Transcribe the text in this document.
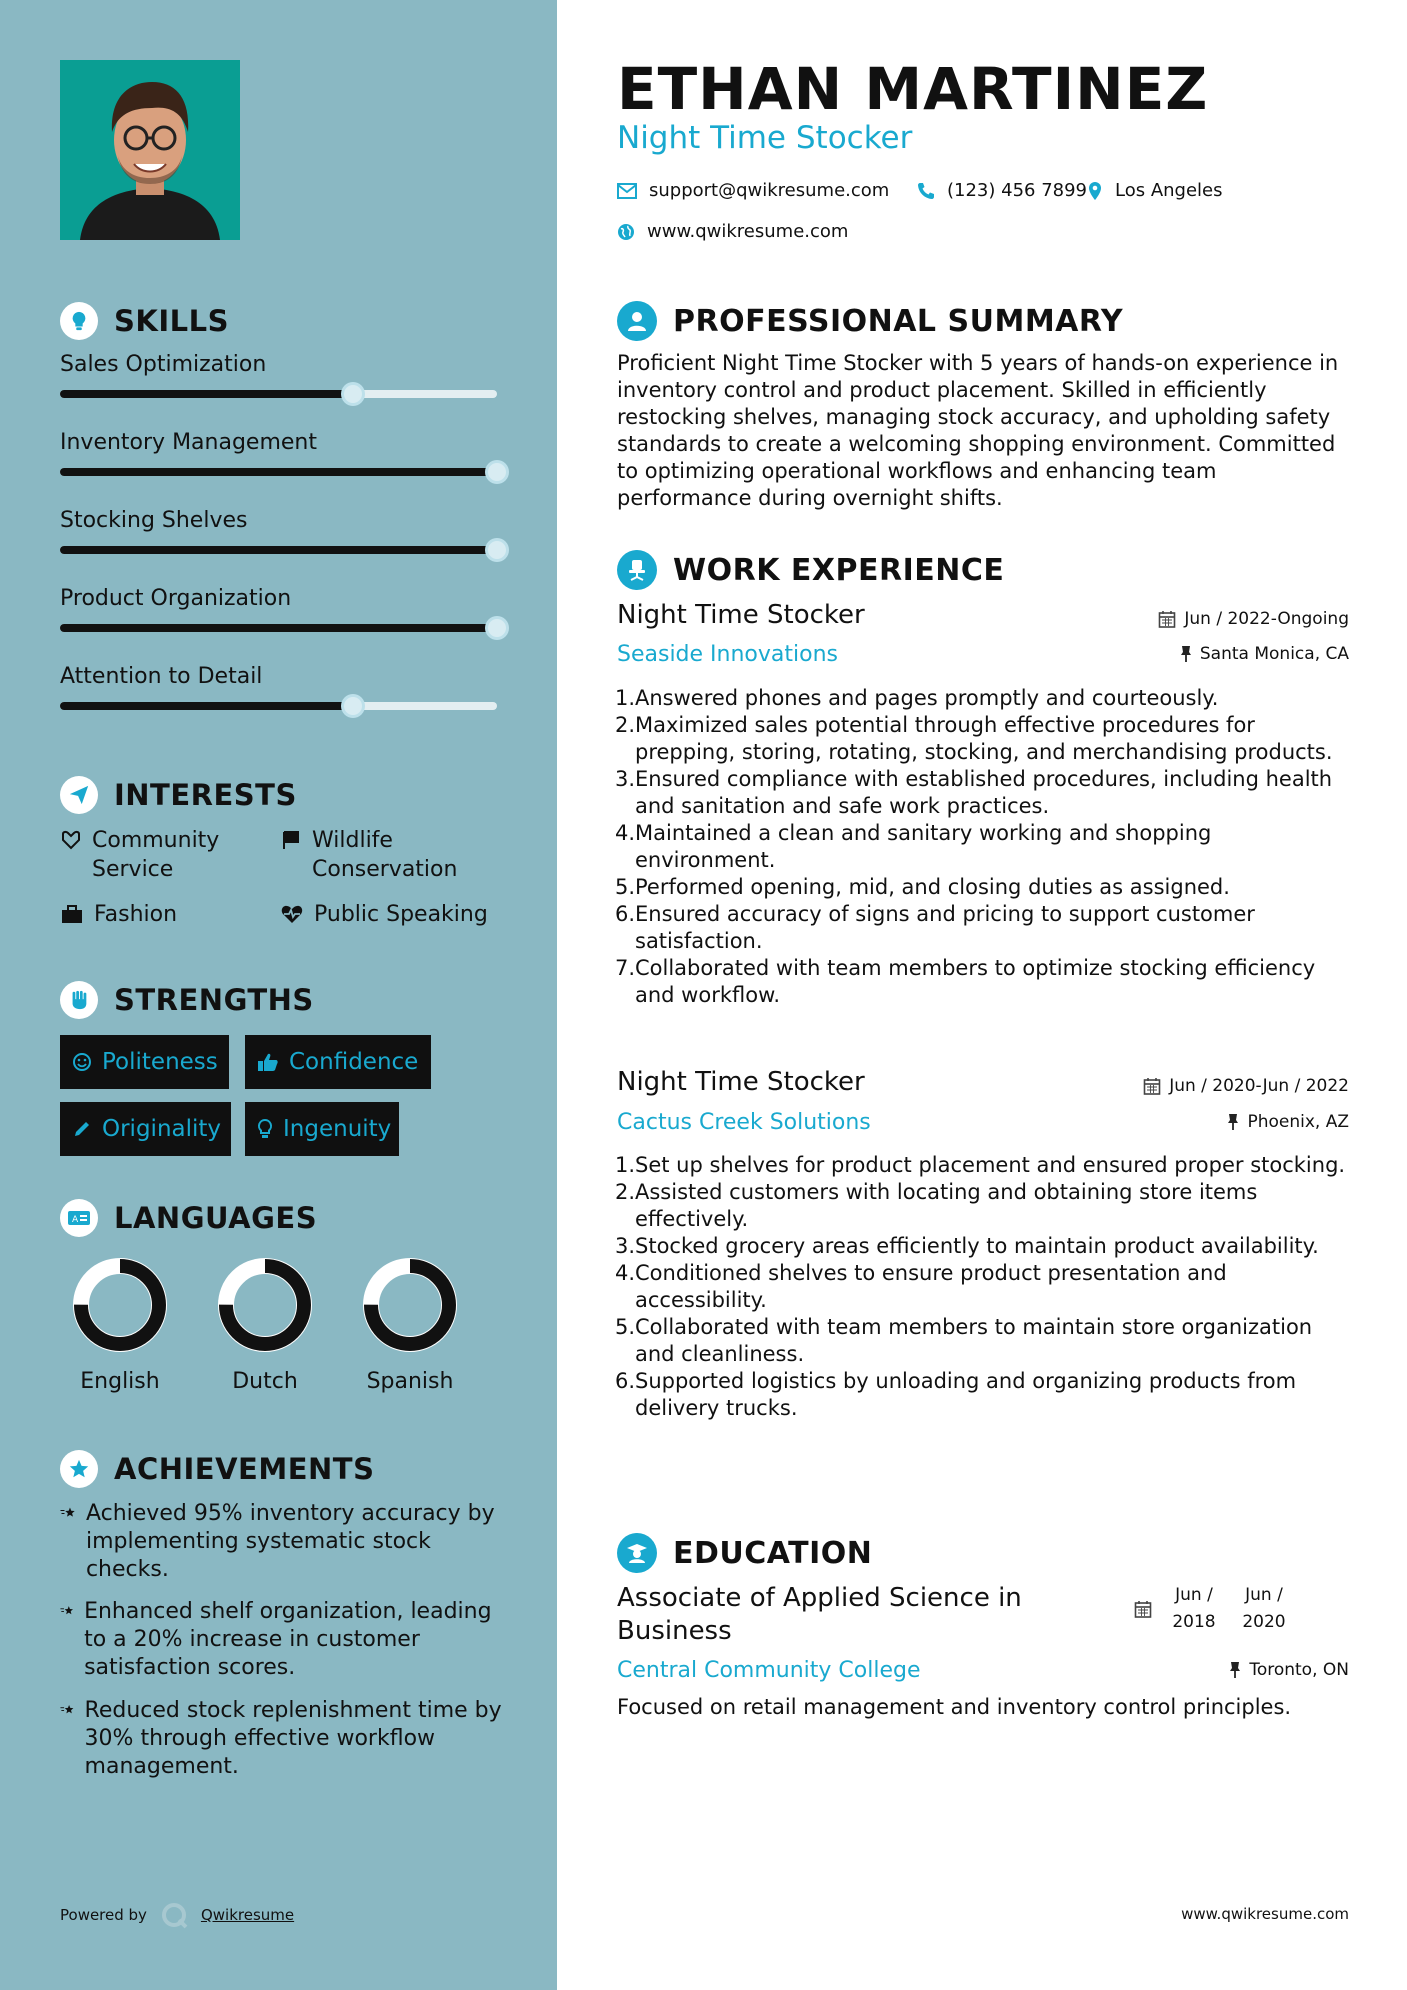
SKILLS
Sales Optimization
Inventory Management
Stocking Shelves
Product Organization
Attention to Detail
INTERESTS
Community Service
Wildlife Conservation
Fashion	Public Speaking
STRENGTHS
Politeness	Confidence
Originality	Ingenuity
A LANGUAGES
English	Dutch	Spanish
ACHIEVEMENTS
Achieved 95% inventory accuracy by implementing systematic stock checks.
Enhanced shelf organization, leading to a 20% increase in customer satisfaction scores.
Reduced stock replenishment time by 30% through effective workflow management.
Powered by	Qwikresume
ETHAN MARTINEZ
Night Time Stocker
support@qwikresume.com	(123) 456 7899 Los Angeles
www.qwikresume.com
PROFESSIONAL SUMMARY
Proficient Night Time Stocker with 5 years of hands-on experience in inventory control and product placement. Skilled in efficiently restocking shelves, managing stock accuracy, and upholding safety standards to create a welcoming shopping environment. Committed to optimizing operational workflows and enhancing team performance during overnight shifts.
WORK EXPERIENCE
Night Time Stocker	Jun / 2022-Ongoing
Seaside Innovations	Santa Monica, CA
1. Answered phones and pages promptly and courteously.
2. Maximized sales potential through effective procedures for prepping, storing, rotating, stocking, and merchandising products.
3. Ensured compliance with established procedures, including health and sanitation and safe work practices.
4. Maintained a clean and sanitary working and shopping environment.
5. Performed opening, mid, and closing duties as assigned.
6. Ensured accuracy of signs and pricing to support customer satisfaction.
7. Collaborated with team members to optimize stocking efficiency and workflow.
Night Time Stocker	Jun / 2020-Jun / 2022
Cactus Creek Solutions	Phoenix, AZ
1. Set up shelves for product placement and ensured proper stocking.
2. Assisted customers with locating and obtaining store items effectively.
3. Stocked grocery areas efficiently to maintain product availability.
4. Conditioned shelves to ensure product presentation and accessibility.
5. Collaborated with team members to maintain store organization and cleanliness.
6. Supported logistics by unloading and organizing products from delivery trucks.
EDUCATION
Associate of Applied Science in Business
Jun / 2018
Jun / 2020
Central Community College	Toronto, ON
Focused on retail management and inventory control principles.
www.qwikresume.com
